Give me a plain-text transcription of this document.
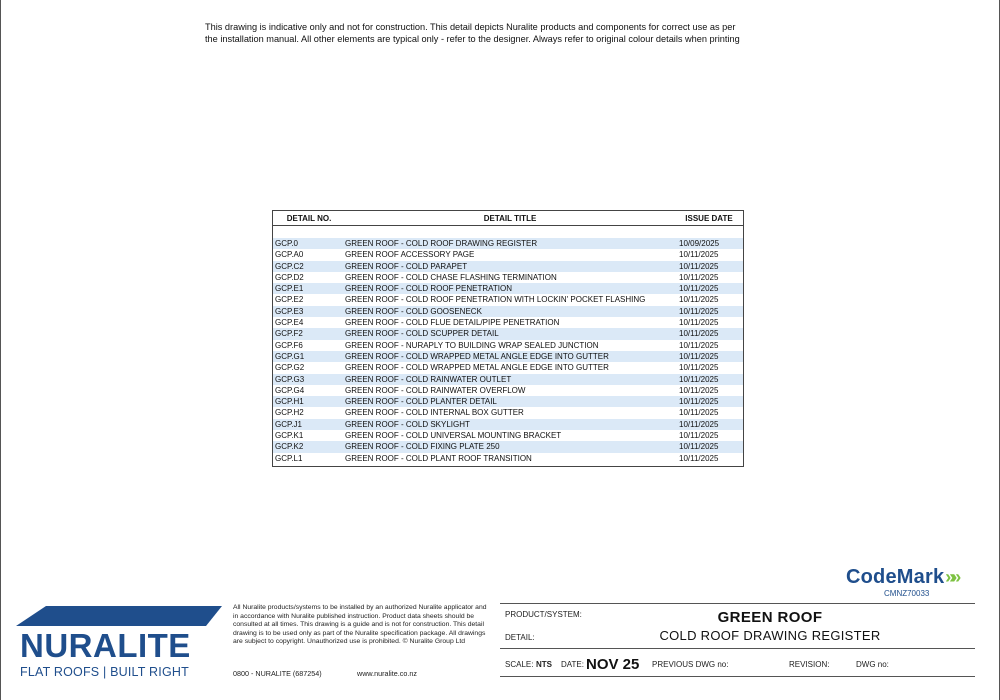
This drawing is indicative only and not for construction. This detail depicts Nuralite products and components for correct use as per
the installation manual. All other elements are typical only - refer to the designer. Always refer to original colour details when printing
DETAIL NO.	DETAIL TITLE	ISSUE DATE
GCP.0	GREEN ROOF - COLD ROOF DRAWING REGISTER	10/09/2025
GCP.A0	GREEN ROOF ACCESSORY PAGE	10/11/2025
GCP.C2	GREEN ROOF - COLD PARAPET	10/11/2025
GCP.D2	GREEN ROOF - COLD CHASE FLASHING TERMINATION	10/11/2025
GCP.E1	GREEN ROOF - COLD ROOF PENETRATION	10/11/2025
GCP.E2	GREEN ROOF - COLD ROOF PENETRATION WITH LOCKIN' POCKET FLASHING	10/11/2025
GCP.E3	GREEN ROOF - COLD GOOSENECK	10/11/2025
GCP.E4	GREEN ROOF - COLD FLUE DETAIL/PIPE PENETRATION	10/11/2025
GCP.F2	GREEN ROOF - COLD SCUPPER DETAIL	10/11/2025
GCP.F6	GREEN ROOF - NURAPLY TO BUILDING WRAP SEALED JUNCTION	10/11/2025
GCP.G1	GREEN ROOF - COLD WRAPPED METAL ANGLE EDGE INTO GUTTER	10/11/2025
GCP.G2	GREEN ROOF - COLD WRAPPED METAL ANGLE EDGE INTO GUTTER	10/11/2025
GCP.G3	GREEN ROOF - COLD RAINWATER OUTLET	10/11/2025
GCP.G4	GREEN ROOF - COLD RAINWATER OVERFLOW	10/11/2025
GCP.H1	GREEN ROOF - COLD PLANTER DETAIL	10/11/2025
GCP.H2	GREEN ROOF - COLD INTERNAL BOX GUTTER	10/11/2025
GCP.J1	GREEN ROOF - COLD SKYLIGHT	10/11/2025
GCP.K1	GREEN ROOF - COLD UNIVERSAL MOUNTING BRACKET	10/11/2025
GCP.K2	GREEN ROOF - COLD FIXING PLATE 250	10/11/2025
GCP.L1	GREEN ROOF - COLD PLANT ROOF TRANSITION	10/11/2025
CodeMark »»
CMNZ70033
NURALITE
FLAT ROOFS | BUILT RIGHT
All Nuralite products/systems to be installed by an authorized Nuralite applicator and in accordance with Nuralite published instruction. Product data sheets should be consulted at all times. This drawing is a guide and is not for construction. This detail drawing is to be used only as part of the Nuralite specification package. All drawings are subject to copyright. Unauthorized use is prohibited. © Nuralite Group Ltd
0800 - NURALITE (687254)	www.nuralite.co.nz
PRODUCT/SYSTEM:	GREEN ROOF
DETAIL:	COLD ROOF DRAWING REGISTER
SCALE: NTS DATE: NOV 25 PREVIOUS DWG no:	REVISION:	DWG no:
